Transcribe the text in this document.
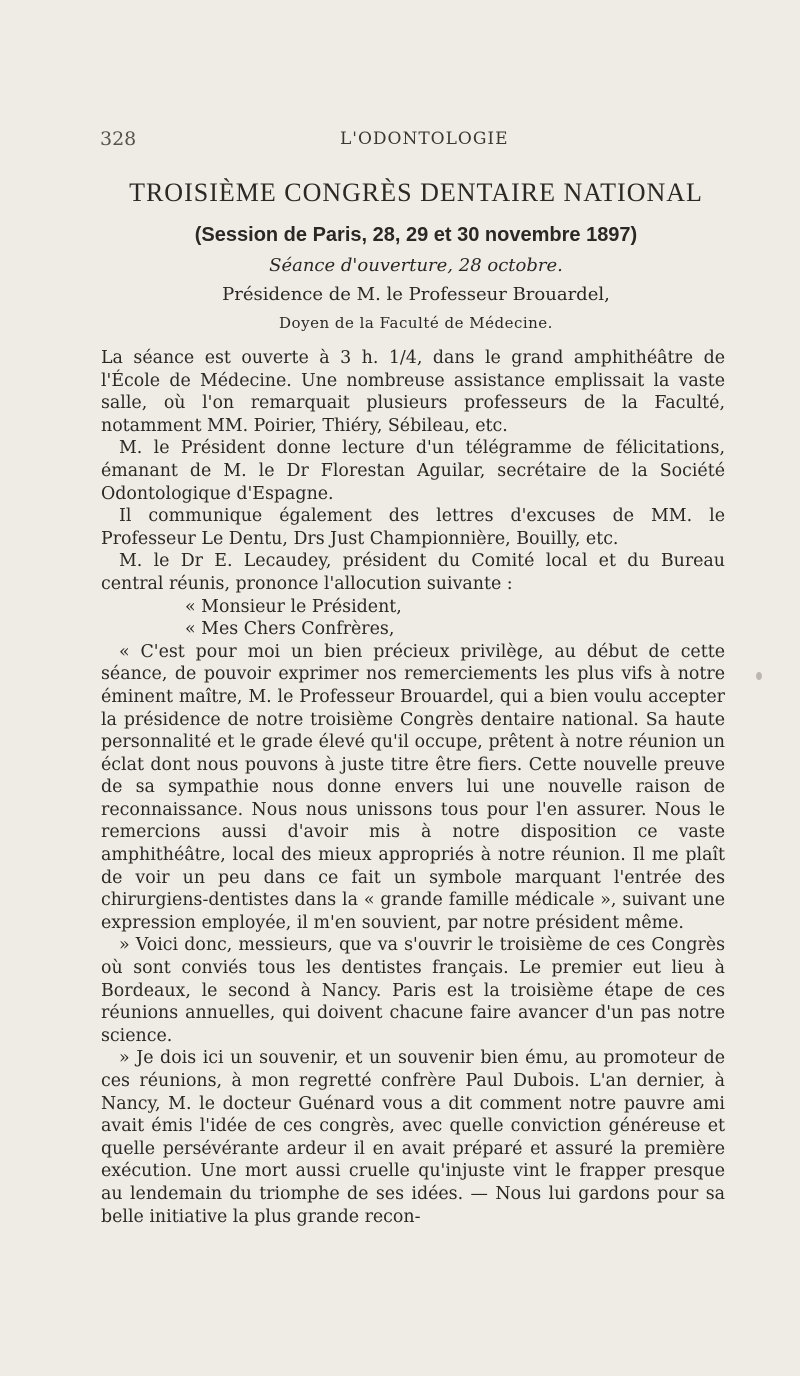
328	L'ODONTOLOGIE
TROISIÈME CONGRÈS DENTAIRE NATIONAL
(Session de Paris, 28, 29 et 30 novembre 1897)
Séance d'ouverture, 28 octobre.
Présidence de M. le Professeur Brouardel,
Doyen de la Faculté de Médecine.

La séance est ouverte à 3 h. 1/4, dans le grand amphithéâtre de l'École de Médecine. Une nombreuse assistance emplissait la vaste salle, où l'on remarquait plusieurs professeurs de la Faculté, notamment MM. Poirier, Thiéry, Sébileau, etc.

M. le Président donne lecture d'un télégramme de félicitations, émanant de M. le Dr Florestan Aguilar, secrétaire de la Société Odontologique d'Espagne.

Il communique également des lettres d'excuses de MM. le Professeur Le Dentu, Drs Just Championnière, Bouilly, etc.

M. le Dr E. Lecaudey, président du Comité local et du Bureau central réunis, prononce l'allocution suivante :

« Monsieur le Président,

« Mes Chers Confrères,

« C'est pour moi un bien précieux privilège, au début de cette séance, de pouvoir exprimer nos remerciements les plus vifs à notre éminent maître, M. le Professeur Brouardel, qui a bien voulu accepter la présidence de notre troisième Congrès dentaire national. Sa haute personnalité et le grade élevé qu'il occupe, prêtent à notre réunion un éclat dont nous pouvons à juste titre être fiers. Cette nouvelle preuve de sa sympathie nous donne envers lui une nouvelle raison de reconnaissance. Nous nous unissons tous pour l'en assurer. Nous le remercions aussi d'avoir mis à notre disposition ce vaste amphithéâtre, local des mieux appropriés à notre réunion. Il me plaît de voir un peu dans ce fait un symbole marquant l'entrée des chirurgiens-dentistes dans la « grande famille médicale », suivant une expression employée, il m'en souvient, par notre président même.

» Voici donc, messieurs, que va s'ouvrir le troisième de ces Congrès où sont conviés tous les dentistes français. Le premier eut lieu à Bordeaux, le second à Nancy. Paris est la troisième étape de ces réunions annuelles, qui doivent chacune faire avancer d'un pas notre science.

» Je dois ici un souvenir, et un souvenir bien ému, au promoteur de ces réunions, à mon regretté confrère Paul Dubois. L'an dernier, à Nancy, M. le docteur Guénard vous a dit comment notre pauvre ami avait émis l'idée de ces congrès, avec quelle conviction généreuse et quelle persévérante ardeur il en avait préparé et assuré la première exécution. Une mort aussi cruelle qu'injuste vint le frapper presque au lendemain du triomphe de ses idées. — Nous lui gardons pour sa belle initiative la plus grande recon-
